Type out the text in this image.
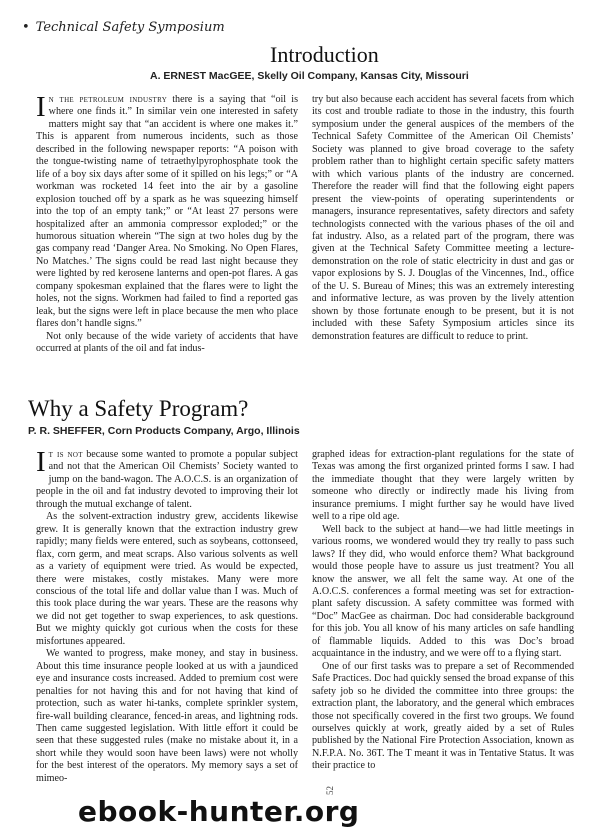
• Technical Safety Symposium
Introduction
A. ERNEST MacGEE, Skelly Oil Company, Kansas City, Missouri

In the petroleum industry there is a saying that “oil is where one finds it.” In similar vein one interested in safety matters might say that “an accident is where one makes it.” This is apparent from numerous incidents, such as those described in the following newspaper reports: “A poison with the tongue-twisting name of tetraethylpyrophosphate took the life of a boy six days after some of it spilled on his legs;” or “A workman was rocketed 14 feet into the air by a gasoline explosion touched off by a spark as he was squeezing himself into the top of an empty tank;” or “At least 27 persons were hospitalized after an ammonia compressor exploded;” or the humorous situation wherein “The sign at two holes dug by the gas company read ‘Danger Area. No Smoking. No Open Flares, No Matches.’ The signs could be read last night because they were lighted by red kerosene lanterns and open-pot flares. A gas company spokesman explained that the flares were to light the holes, not the signs. Workmen had failed to find a reported gas leak, but the signs were left in place because the men who place flares don’t handle signs.”

Not only because of the wide variety of accidents that have occurred at plants of the oil and fat indus-

try but also because each accident has several facets from which its cost and trouble radiate to those in the industry, this fourth symposium under the general auspices of the members of the Technical Safety Committee of the American Oil Chemists’ Society was planned to give broad coverage to the safety problem rather than to highlight certain specific safety matters with which various plants of the industry are concerned. Therefore the reader will find that the following eight papers present the view-points of operating superintendents or managers, insurance representatives, safety directors and safety technologists connected with the various phases of the oil and fat industry. Also, as a related part of the program, there was given at the Technical Safety Committee meeting a lecture-demonstration on the role of static electricity in dust and gas or vapor explosions by S. J. Douglas of the Vincennes, Ind., office of the U. S. Bureau of Mines; this was an extremely interesting and informative lecture, as was proven by the lively attention shown by those fortunate enough to be present, but it is not included with these Safety Symposium articles since its demonstration features are difficult to reduce to print.

Why a Safety Program?
P. R. SHEFFER, Corn Products Company, Argo, Illinois

It is not because some wanted to promote a popular subject and not that the American Oil Chemists’ Society wanted to jump on the band-wagon. The A.O.C.S. is an organization of people in the oil and fat industry devoted to improving their lot through the mutual exchange of talent.

As the solvent-extraction industry grew, accidents likewise grew. It is generally known that the extraction industry grew rapidly; many fields were entered, such as soybeans, cottonseed, flax, corn germ, and meat scraps. Also various solvents as well as a variety of equipment were tried. As would be expected, there were mistakes, costly mistakes. Many were more conscious of the total life and dollar value than I was. Much of this took place during the war years. These are the reasons why we did not get together to swap experiences, to ask questions. But we mighty quickly got curious when the costs for these misfortunes appeared.

We wanted to progress, make money, and stay in business. About this time insurance people looked at us with a jaundiced eye and insurance costs increased. Added to premium cost were penalties for not having this and for not having that kind of protection, such as water hi-tanks, complete sprinkler system, fire-wall building clearance, fenced-in areas, and lightning rods. Then came suggested legislation. With little effort it could be seen that these suggested rules (make no mistake about it, in a short while they would soon have been laws) were not wholly for the best interest of the operators. My memory says a set of mimeo-

graphed ideas for extraction-plant regulations for the state of Texas was among the first organized printed forms I saw. I had the immediate thought that they were largely written by someone who directly or indirectly made his living from insurance premiums. I might further say he would have lived well to a ripe old age.

Well back to the subject at hand—we had little meetings in various rooms, we wondered would they try really to pass such laws? If they did, who would enforce them? What background would those people have to assure us just treatment? You all know the answer, we all felt the same way. At one of the A.O.C.S. conferences a formal meeting was set for extraction-plant safety discussion. A safety committee was formed with “Doc” MacGee as chairman. Doc had considerable background for this job. You all know of his many articles on safe handling of flammable liquids. Added to this was Doc’s broad acquaintance in the industry, and we were off to a flying start.

One of our first tasks was to prepare a set of Recommended Safe Practices. Doc had quickly sensed the broad expanse of this safety job so he divided the committee into three groups: the extraction plant, the laboratory, and the general which embraces those not specifically covered in the first two groups. We found ourselves quickly at work, greatly aided by a set of Rules published by the National Fire Protection Association, known as N.F.P.A. No. 36T. The T meant it was in Tentative Status. It was their practice to

52
ebook-hunter.org
